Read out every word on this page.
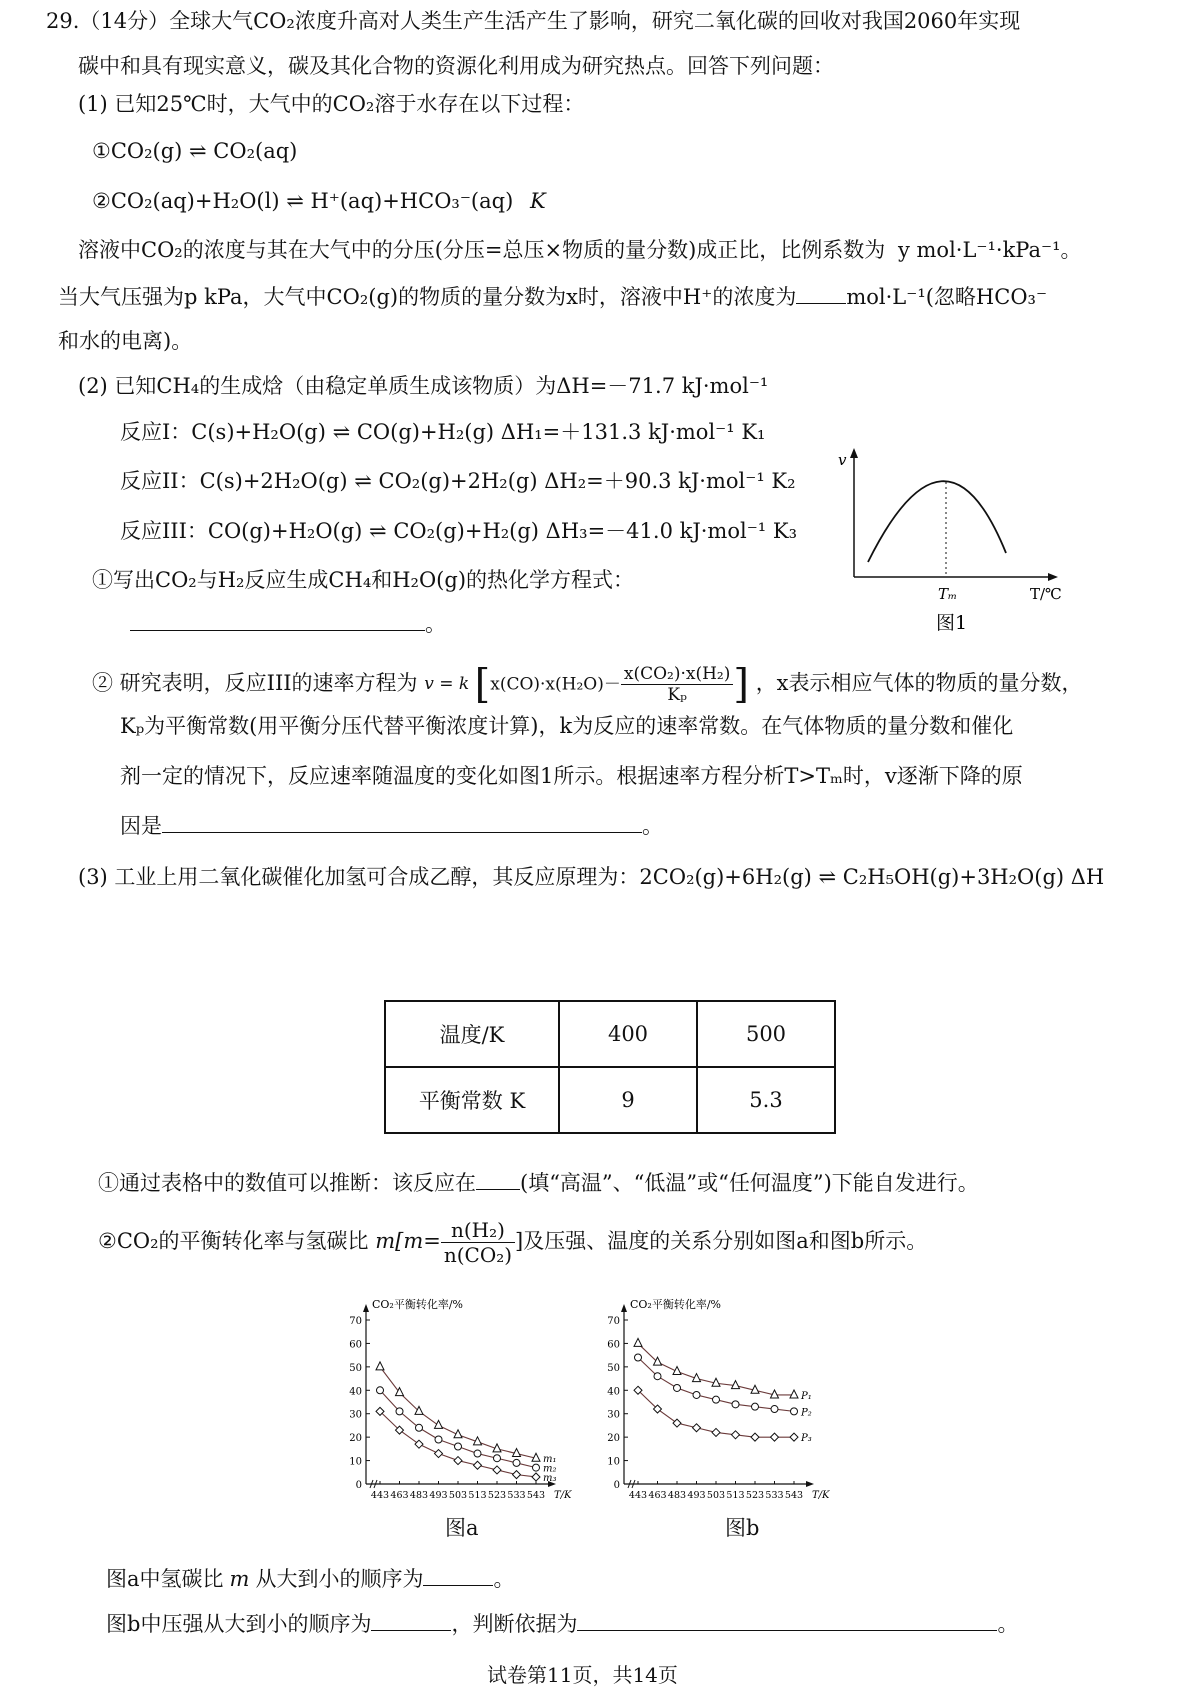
29.（14分）全球大气CO₂浓度升高对人类生产生活产生了影响，研究二氧化碳的回收对我国2060年实现
碳中和具有现实意义，碳及其化合物的资源化利用成为研究热点。回答下列问题：
(1) 已知25℃时，大气中的CO₂溶于水存在以下过程：
①CO₂(g) ⇌ CO₂(aq)
②CO₂(aq)+H₂O(l) ⇌ H⁺(aq)+HCO₃⁻(aq) K
溶液中CO₂的浓度与其在大气中的分压(分压=总压×物质的量分数)成正比，比例系数为 y mol·L⁻¹·kPa⁻¹。
当大气压强为p kPa，大气中CO₂(g)的物质的量分数为x时，溶液中H⁺的浓度为 mol·L⁻¹(忽略HCO₃⁻
和水的电离)。
(2) 已知CH₄的生成焓（由稳定单质生成该物质）为ΔH=－71.7 kJ·mol⁻¹
反应I：C(s)+H₂O(g) ⇌ CO(g)+H₂(g) ΔH₁=＋131.3 kJ·mol⁻¹ K₁
反应II：C(s)+2H₂O(g) ⇌ CO₂(g)+2H₂(g) ΔH₂=＋90.3 kJ·mol⁻¹ K₂
反应III：CO(g)+H₂O(g) ⇌ CO₂(g)+H₂(g) ΔH₃=－41.0 kJ·mol⁻¹ K₃
①写出CO₂与H₂反应生成CH₄和H₂O(g)的热化学方程式：
。
v
Tₘ	T/℃
图1
② 研究表明，反应III的速率方程为 v = k [$x(CO)\cdot x(H_2O)- \frac{\text{x(CO₂)·x(H₂)}}{\text{Kₚ}}$ ] ，x表示相应气体的物质的量分数，
Kₚ为平衡常数(用平衡分压代替平衡浓度计算)，k为反应的速率常数。在气体物质的量分数和催化
剂一定的情况下，反应速率随温度的变化如图1所示。根据速率方程分析T>Tₘ时，v逐渐下降的原
因是	。
(3) 工业上用二氧化碳催化加氢可合成乙醇，其反应原理为：2CO₂(g)+6H₂(g) ⇌ C₂H₅OH(g)+3H₂O(g) ΔH
温度/K	400	500
平衡常数 K	9	5.3
①通过表格中的数值可以推断：该反应在 (填“高温”、“低温”或“任何温度”)下能自发进行。
②CO₂的平衡转化率与氢碳比 $m[m= \frac{\text{n(H₂)}}{\text{n(CO₂)}}$ ]及压强、温度的关系分别如图a和图b所示。
CO₂平衡转化率/%
0
10
20
30
40
50
60
70
443 463 483 493 503 513 523 533 543 T/K
m₁
m₂
m₃
CO₂平衡转化率/%
0
10
20
30
40
50
60
70
443 463 483 493 503 513 523 533 543 T/K
P₁
P₂
P₃
图a	图b
图a中氢碳比 m 从大到小的顺序为	。
图b中压强从大到小的顺序为	，判断依据为	。
试卷第11页，共14页
